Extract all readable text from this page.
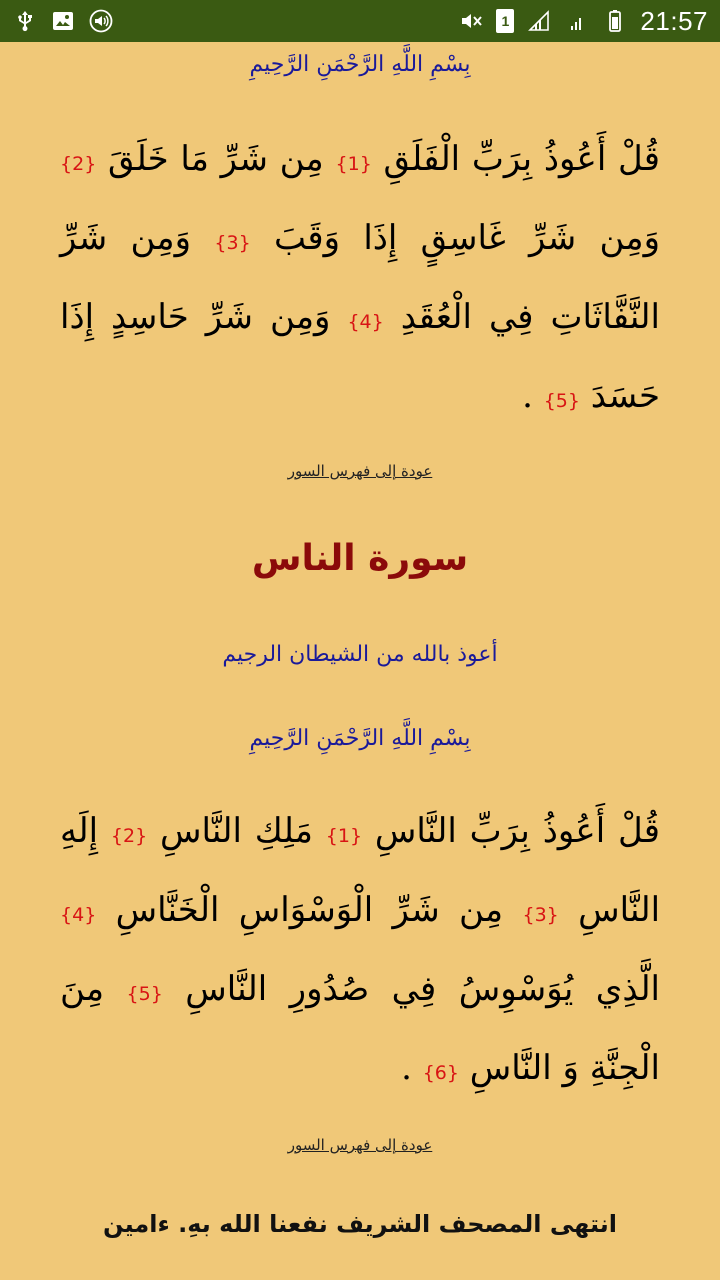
1	21:57
بِسْمِ اللَّهِ الرَّحْمَنِ الرَّحِيمِ
قُلْ أَعُوذُ بِرَبِّ الْفَلَقِ {1} مِن شَرِّ مَا خَلَقَ {2} وَمِن شَرِّ غَاسِقٍ إِذَا وَقَبَ {3} وَمِن شَرِّ النَّفَّاثَاتِ فِي الْعُقَدِ {4} وَمِن شَرِّ حَاسِدٍ إِذَا حَسَدَ {5} .
عودة إلى فهرس السور
سورة الناس
أعوذ بالله من الشيطان الرجيم
بِسْمِ اللَّهِ الرَّحْمَنِ الرَّحِيمِ
قُلْ أَعُوذُ بِرَبِّ النَّاسِ {1} مَلِكِ النَّاسِ {2} إِلَهِ النَّاسِ {3} مِن شَرِّ الْوَسْوَاسِ الْخَنَّاسِ {4} الَّذِي يُوَسْوِسُ فِي صُدُورِ النَّاسِ {5} مِنَ الْجِنَّةِ وَ النَّاسِ {6} .
عودة إلى فهرس السور
انتهى المصحف الشريف نفعنا الله بهِ. ءامين
